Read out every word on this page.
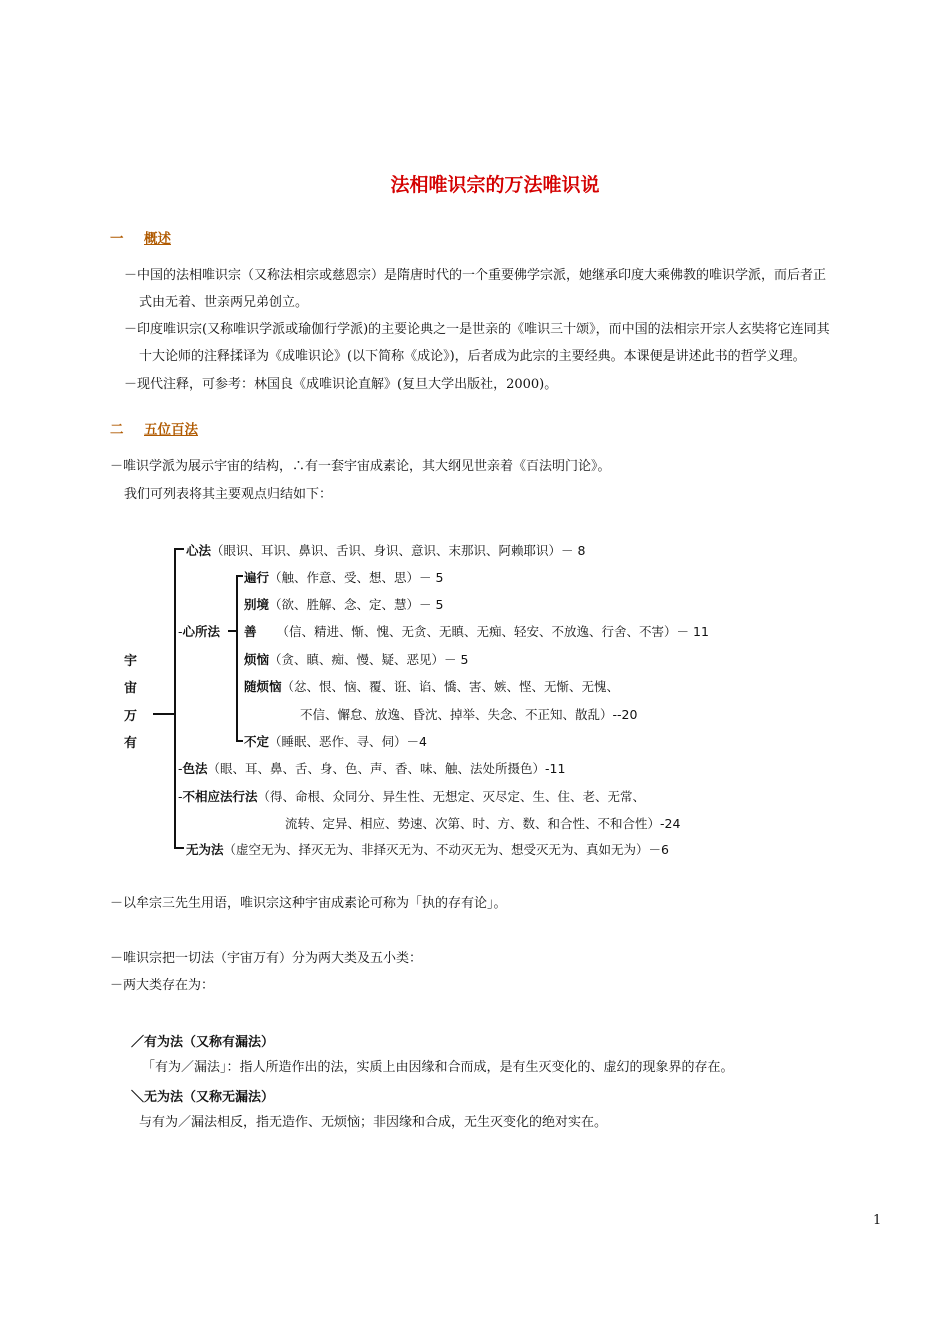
法相唯识宗的万法唯识说
一 概述
－中国的法相唯识宗（又称法相宗或慈恩宗）是隋唐时代的一个重要佛学宗派，她继承印度大乘佛教的唯识学派，而后者正
式由无着、世亲两兄弟创立。
－印度唯识宗(又称唯识学派或瑜伽行学派)的主要论典之一是世亲的《唯识三十颂》，而中国的法相宗开宗人玄奘将它连同其
十大论师的注释揉译为《成唯识论》(以下简称《成论》)，后者成为此宗的主要经典。本课便是讲述此书的哲学义理。
－现代注释，可参考：林国良《成唯识论直解》(复旦大学出版社，2000)。
二 五位百法
－唯识学派为展示宇宙的结构，∴有一套宇宙成素论，其大纲见世亲着《百法明门论》。
我们可列表将其主要观点归结如下：
宇
宙
万
有
心法（眼识、耳识、鼻识、舌识、身识、意识、末那识、阿赖耶识）－ 8
-心所法
遍行（触、作意、受、想、思）－ 5
别境（欲、胜解、念、定、慧）－ 5
善 （信、精进、惭、愧、无贪、无瞋、无痴、轻安、不放逸、行舍、不害）－ 11
烦恼（贪、瞋、痴、慢、疑、恶见）－ 5
随烦恼（忿、恨、恼、覆、诳、谄、憍、害、嫉、悭、无惭、无愧、
不信、懈怠、放逸、昏沈、掉举、失念、不正知、散乱）--20
不定（睡眠、恶作、寻、伺）－4
-色法（眼、耳、鼻、舌、身、色、声、香、味、触、法处所摄色）-11
-不相应法行法（得、命根、众同分、异生性、无想定、灭尽定、生、住、老、无常、
流转、定异、相应、势速、次第、时、方、数、和合性、不和合性）-24
无为法（虚空无为、择灭无为、非择灭无为、不动灭无为、想受灭无为、真如无为）－6
－以牟宗三先生用语，唯识宗这种宇宙成素论可称为「执的存有论」。
－唯识宗把一切法（宇宙万有）分为两大类及五小类：
－两大类存在为：
／有为法（又称有漏法）
「有为／漏法」：指人所造作出的法，实质上由因缘和合而成，是有生灭变化的、虚幻的现象界的存在。
＼无为法（又称无漏法）
与有为／漏法相反，指无造作、无烦恼；非因缘和合成，无生灭变化的绝对实在。
1
